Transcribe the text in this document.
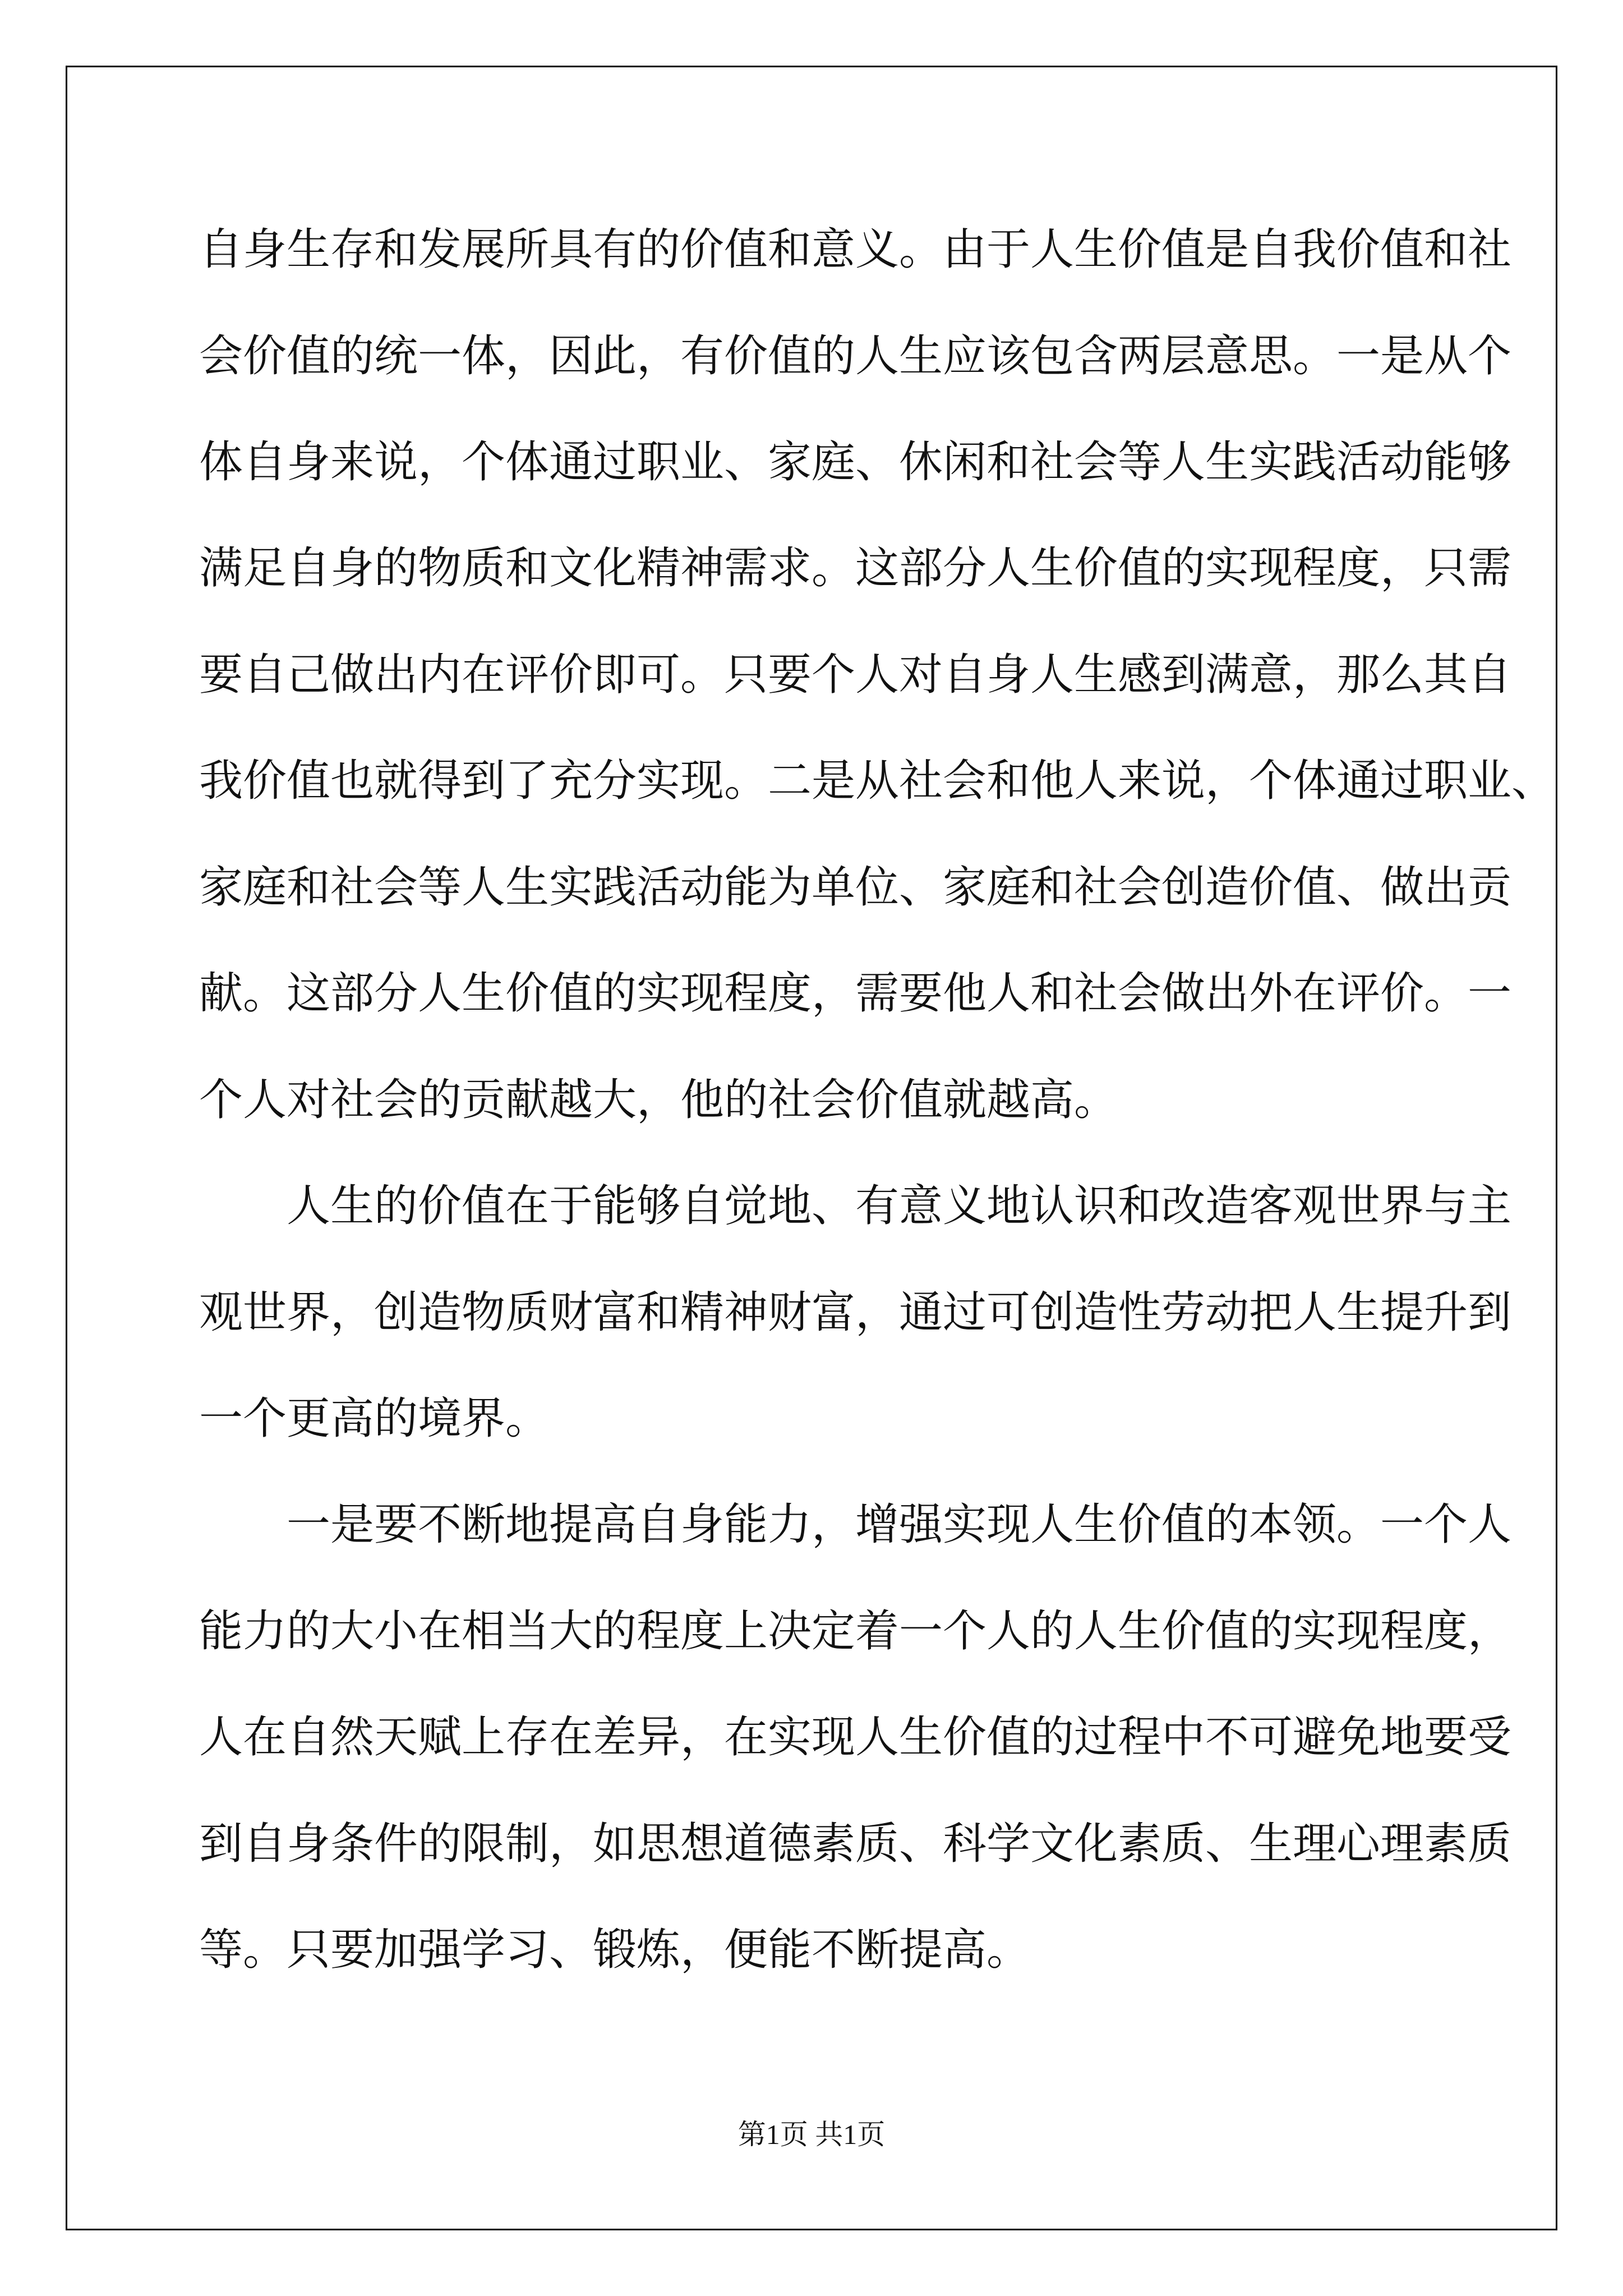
自身生存和发展所具有的价值和意义。由于人生价值是自我价值和社

会价值的统一体，因此，有价值的人生应该包含两层意思。一是从个

体自身来说，个体通过职业、家庭、休闲和社会等人生实践活动能够

满足自身的物质和文化精神需求。这部分人生价值的实现程度，只需

要自己做出内在评价即可。只要个人对自身人生感到满意，那么其自

我价值也就得到了充分实现。二是从社会和他人来说，个体通过职业、

家庭和社会等人生实践活动能为单位、家庭和社会创造价值、做出贡

献。这部分人生价值的实现程度，需要他人和社会做出外在评价。一

个人对社会的贡献越大，他的社会价值就越高。

人生的价值在于能够自觉地、有意义地认识和改造客观世界与主

观世界，创造物质财富和精神财富，通过可创造性劳动把人生提升到

一个更高的境界。

一是要不断地提高自身能力，增强实现人生价值的本领。一个人

能力的大小在相当大的程度上决定着一个人的人生价值的实现程度，

人在自然天赋上存在差异，在实现人生价值的过程中不可避免地要受

到自身条件的限制，如思想道德素质、科学文化素质、生理心理素质

等。只要加强学习、锻炼，便能不断提高。

第1页 共1页
